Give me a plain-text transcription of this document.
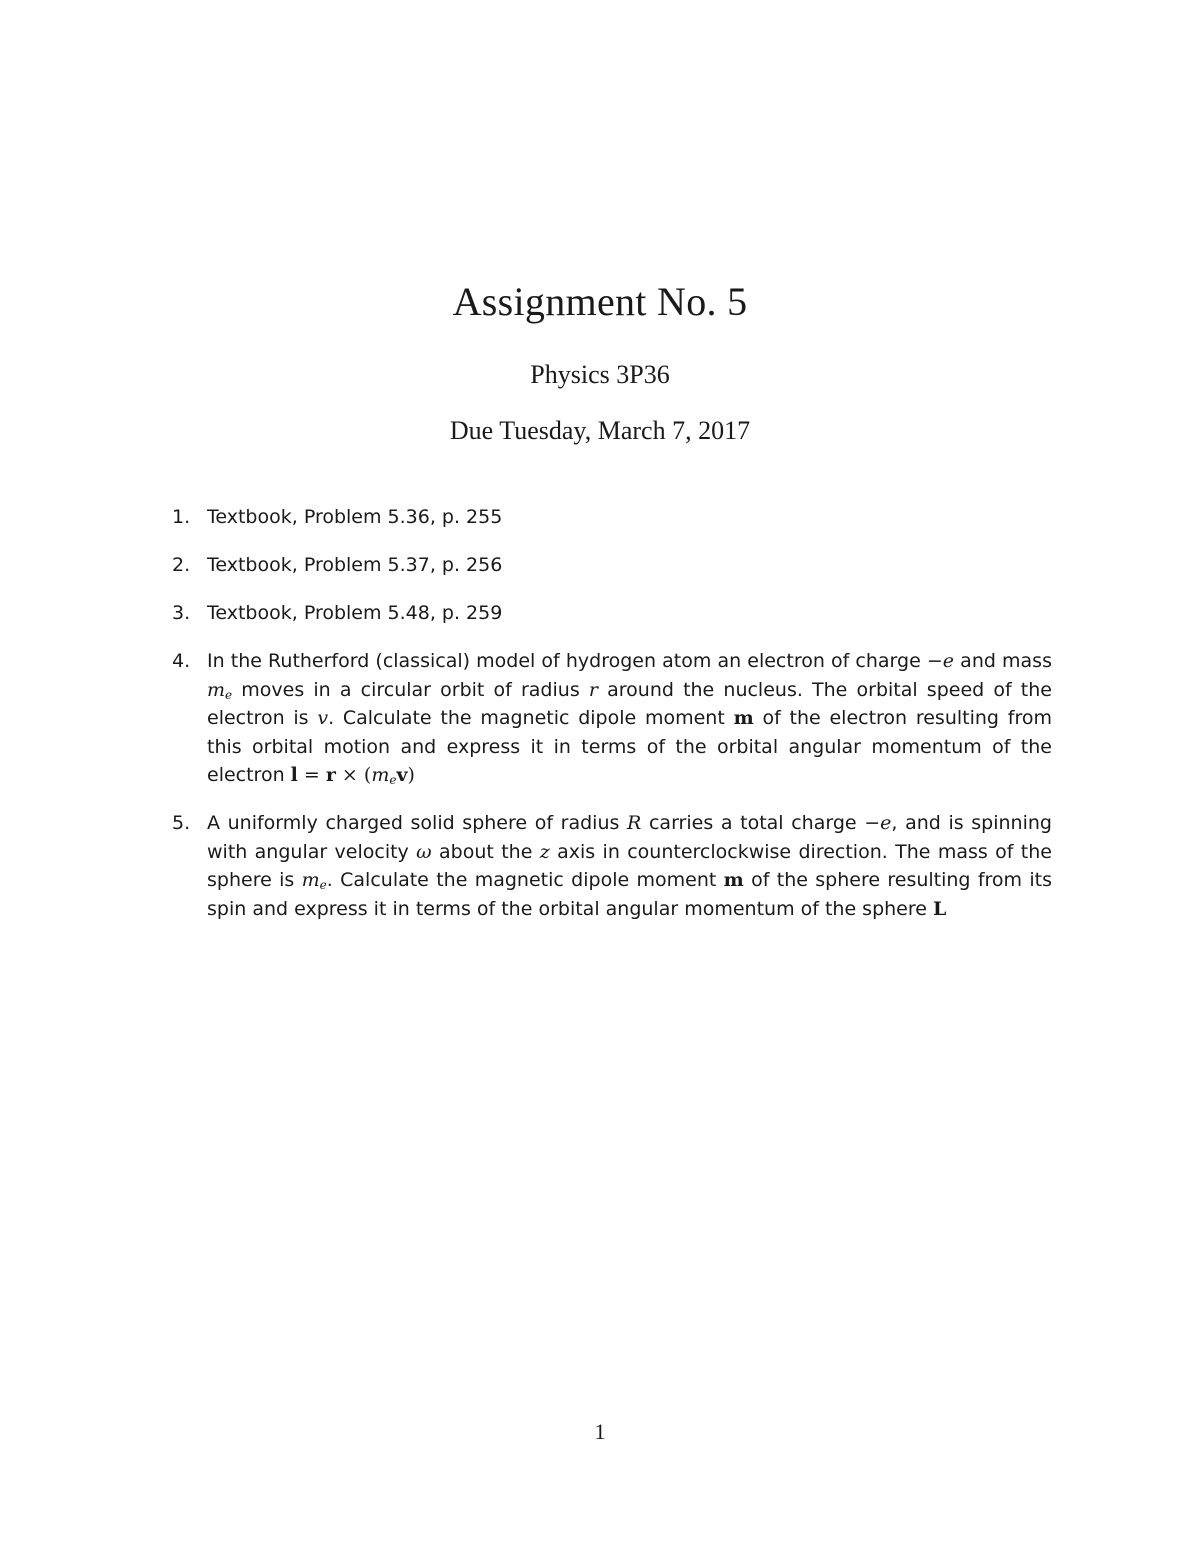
Assignment No. 5
Physics 3P36
Due Tuesday, March 7, 2017
1. Textbook, Problem 5.36, p. 255
2. Textbook, Problem 5.37, p. 256
3. Textbook, Problem 5.48, p. 259
4. In the Rutherford (classical) model of hydrogen atom an electron of charge −e and mass $m_e$ moves in a circular orbit of radius r around the nucleus. The orbital speed of the electron is v. Calculate the magnetic dipole moment m of the electron resulting from this orbital motion and express it in terms of the orbital angular momentum of the electron $l = r \times (m_ev)$
5. A uniformly charged solid sphere of radius R carries a total charge −e, and is spinning with angular velocity ω about the z axis in counterclockwise direction. The mass of the sphere is $m_e$. Calculate the magnetic dipole moment m of the sphere resulting from its spin and express it in terms of the orbital angular momentum of the sphere L
1
